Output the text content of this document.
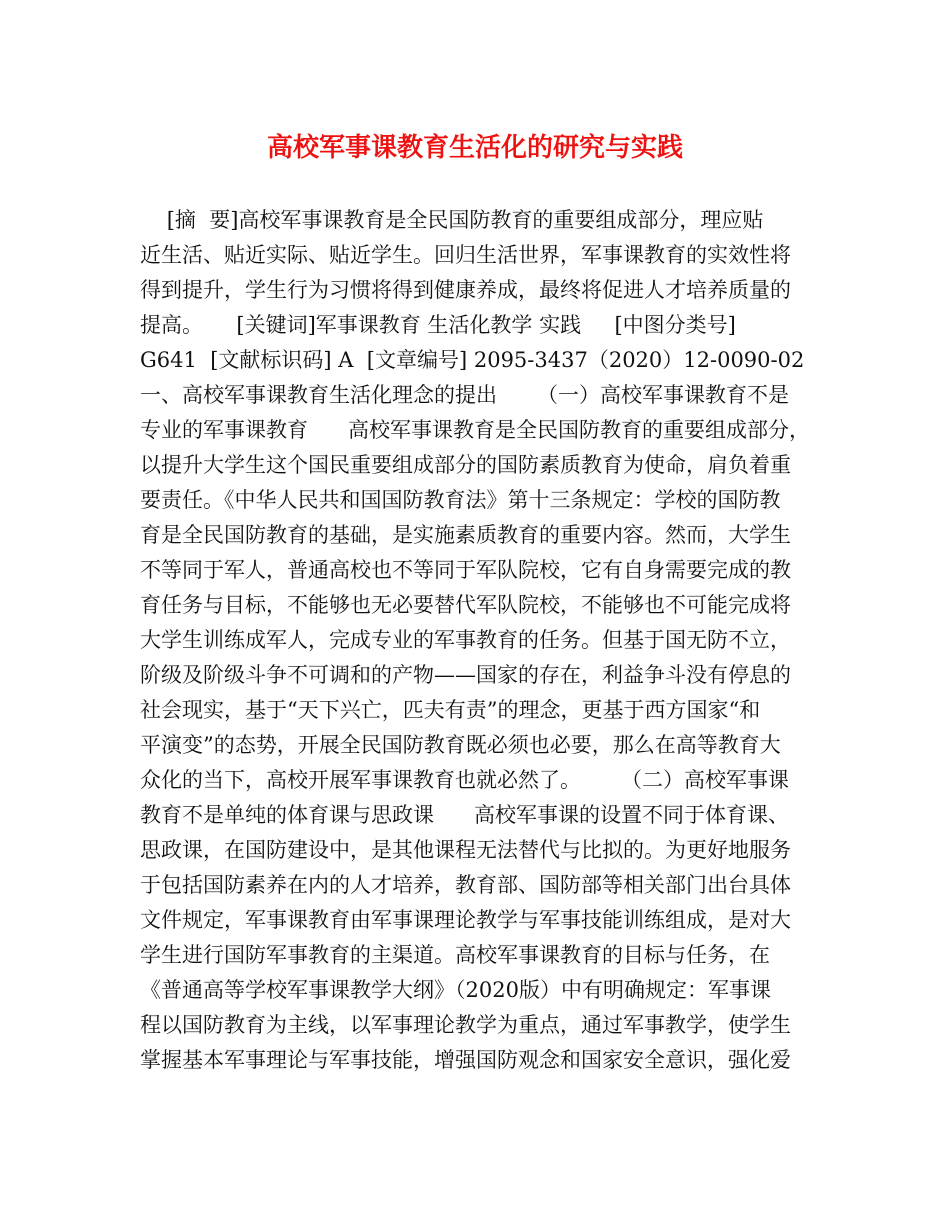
高校军事课教育生活化的研究与实践
[摘  要]高校军事课教育是全民国防教育的重要组成部分，理应贴
近生活、贴近实际、贴近学生。回归生活世界，军事课教育的实效性将
得到提升，学生行为习惯将得到健康养成，最终将促进人才培养质量的
提高。     [关键词]军事课教育 生活化教学 实践     [中图分类号]
G641  [文献标识码] A  [文章编号] 2095-3437（2020）12-0090-02
一、高校军事课教育生活化理念的提出      （一）高校军事课教育不是
专业的军事课教育      高校军事课教育是全民国防教育的重要组成部分，
以提升大学生这个国民重要组成部分的国防素质教育为使命，肩负着重
要责任。《中华人民共和国国防教育法》第十三条规定：学校的国防教
育是全民国防教育的基础，是实施素质教育的重要内容。然而，大学生
不等同于军人，普通高校也不等同于军队院校，它有自身需要完成的教
育任务与目标，不能够也无必要替代军队院校，不能够也不可能完成将
大学生训练成军人，完成专业的军事教育的任务。但基于国无防不立，
阶级及阶级斗争不可调和的产物——国家的存在，利益争斗没有停息的
社会现实，基于“天下兴亡，匹夫有责”的理念，更基于西方国家“和
平演变”的态势，开展全民国防教育既必须也必要，那么在高等教育大
众化的当下，高校开展军事课教育也就必然了。      （二）高校军事课
教育不是单纯的体育课与思政课      高校军事课的设置不同于体育课、
思政课，在国防建设中，是其他课程无法替代与比拟的。为更好地服务
于包括国防素养在内的人才培养，教育部、国防部等相关部门出台具体
文件规定，军事课教育由军事课理论教学与军事技能训练组成，是对大
学生进行国防军事教育的主渠道。高校军事课教育的目标与任务，在
《普通高等学校军事课教学大纲》（2020版）中有明确规定：军事课
程以国防教育为主线，以军事理论教学为重点，通过军事教学，使学生
掌握基本军事理论与军事技能，增强国防观念和国家安全意识，强化爱
